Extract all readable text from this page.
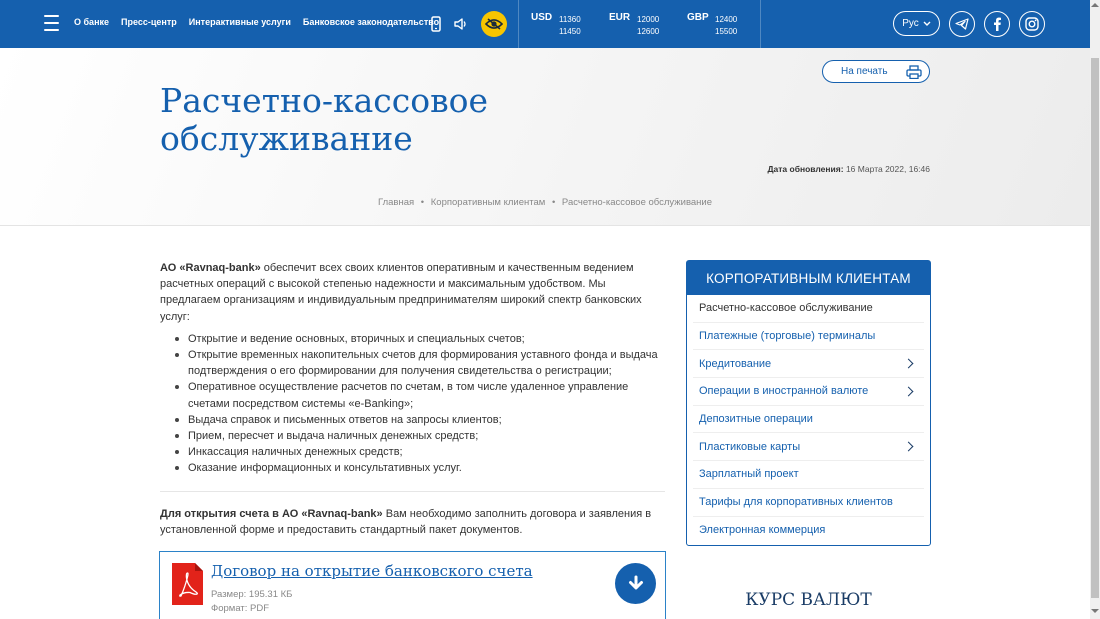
О банке Пресс-центр Интерактивные услуги Банковское законодательство	USD 11360
11450
EUR 12000
12600
GBP 12400
15500
Рус
Расчетно-кассовое обслуживание
На печать
Дата обновления: 16 Марта 2022, 16:46
Главная • Корпоративным клиентам • Расчетно-кассовое обслуживание

АО «Ravnaq-bank» обеспечит всех своих клиентов оперативным и качественным ведением расчетных операций с высокой степенью надежности и максимальным удобством. Мы предлагаем организациям и индивидуальным предпринимателям широкий спектр банковских услуг:

Открытие и ведение основных, вторичных и специальных счетов;
Открытие временных накопительных счетов для формирования уставного фонда и выдача подтверждения о его формировании для получения свидетельства о регистрации;
Оперативное осуществление расчетов по счетам, в том числе удаленное управление счетами посредством системы «e-Banking»;
Выдача справок и письменных ответов на запросы клиентов;
Прием, пересчет и выдача наличных денежных средств;
Инкассация наличных денежных средств;
Оказание информационных и консультативных услуг.

Для открытия счета в АО «Ravnaq-bank» Вам необходимо заполнить договора и заявления в установленной форме и предоставить стандартный пакет документов.

Договор на открытие банковского счета
Размер: 195.31 КБ
Формат: PDF
КОРПОРАТИВНЫМ КЛИЕНТАМ
Расчетно-кассовое обслуживание
Платежные (торговые) терминалы
Кредитование
Операции в иностранной валюте
Депозитные операции
Пластиковые карты
Зарплатный проект
Тарифы для корпоративных клиентов
Электронная коммерция
КУРС ВАЛЮТ
